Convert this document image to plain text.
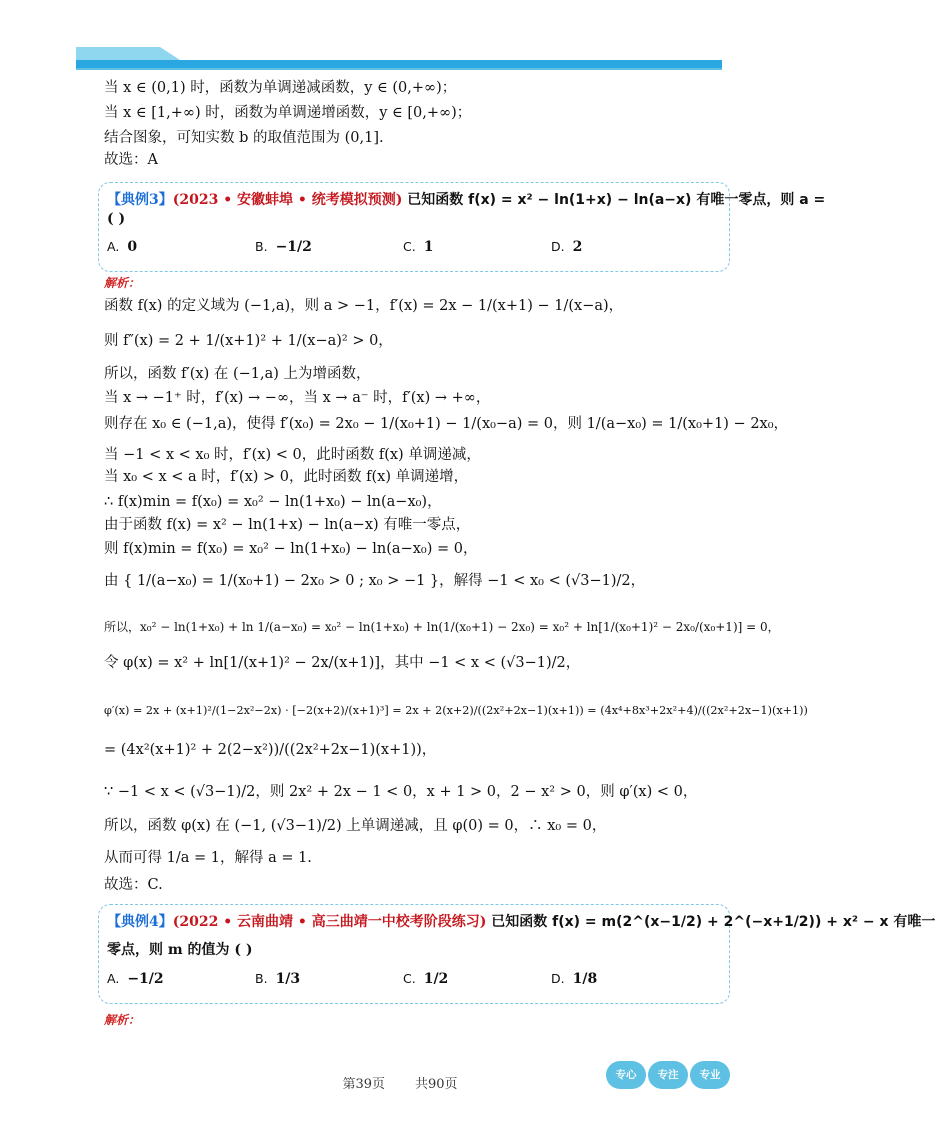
当 x ∈ (0,1) 时，函数为单调递减函数，y ∈ (0,+∞)；
当 x ∈ [1,+∞) 时，函数为单调递增函数，y ∈ [0,+∞)；
结合图象，可知实数 b 的取值范围为 (0,1].
故选：A
【典例3】(2023 • 安徽蚌埠 • 统考模拟预测) 已知函数 f(x) = x² − ln(1+x) − ln(a−x) 有唯一零点，则 a =
( )
A. 0	B. −1/2	C. 1	D. 2
解析：
函数 f(x) 的定义域为 (−1,a)，则 a > −1，f′(x) = 2x − 1/(x+1) − 1/(x−a)，
则 f″(x) = 2 + 1/(x+1)² + 1/(x−a)² > 0，
所以，函数 f′(x) 在 (−1,a) 上为增函数，
当 x → −1⁺ 时，f′(x) → −∞，当 x → a⁻ 时，f′(x) → +∞，
则存在 x₀ ∈ (−1,a)，使得 f′(x₀) = 2x₀ − 1/(x₀+1) − 1/(x₀−a) = 0，则 1/(a−x₀) = 1/(x₀+1) − 2x₀，
当 −1 < x < x₀ 时，f′(x) < 0，此时函数 f(x) 单调递减，
当 x₀ < x < a 时，f′(x) > 0，此时函数 f(x) 单调递增，
∴ f(x)min = f(x₀) = x₀² − ln(1+x₀) − ln(a−x₀)，
由于函数 f(x) = x² − ln(1+x) − ln(a−x) 有唯一零点，
则 f(x)min = f(x₀) = x₀² − ln(1+x₀) − ln(a−x₀) = 0，
由 { 1/(a−x₀) = 1/(x₀+1) − 2x₀ > 0 ; x₀ > −1 }，解得 −1 < x₀ < (√3−1)/2，
所以，x₀² − ln(1+x₀) + ln 1/(a−x₀) = x₀² − ln(1+x₀) + ln(1/(x₀+1) − 2x₀) = x₀² + ln[1/(x₀+1)² − 2x₀/(x₀+1)] = 0，
令 φ(x) = x² + ln[1/(x+1)² − 2x/(x+1)]，其中 −1 < x < (√3−1)/2，
φ′(x) = 2x + (x+1)²/(1−2x²−2x) · [−2(x+2)/(x+1)³] = 2x + 2(x+2)/((2x²+2x−1)(x+1)) = (4x⁴+8x³+2x²+4)/((2x²+2x−1)(x+1))
= (4x²(x+1)² + 2(2−x²))/((2x²+2x−1)(x+1))，
∵ −1 < x < (√3−1)/2，则 2x² + 2x − 1 < 0，x + 1 > 0，2 − x² > 0，则 φ′(x) < 0，
所以，函数 φ(x) 在 (−1, (√3−1)/2) 上单调递减，且 φ(0) = 0，∴ x₀ = 0，
从而可得 1/a = 1，解得 a = 1.
故选：C.
【典例4】(2022 • 云南曲靖 • 高三曲靖一中校考阶段练习) 已知函数 f(x) = m(2^(x−1/2) + 2^(−x+1/2)) + x² − x 有唯一
零点，则 m 的值为 ( )
A. −1/2	B. 1/3	C. 1/2	D. 1/8
解析：
第39页 共90页
专心	专注	专业
